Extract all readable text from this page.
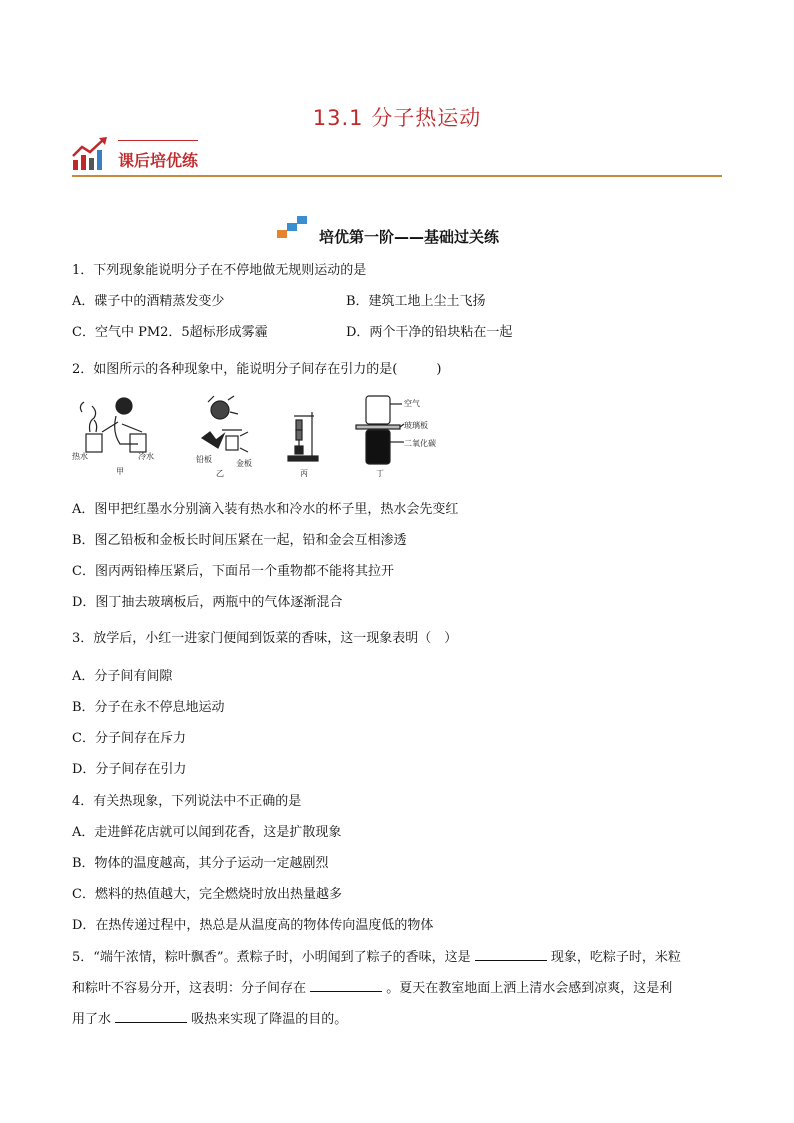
13.1 分子热运动
课后培优练
培优第一阶——基础过关练
1．下列现象能说明分子在不停地做无规则运动的是
A．碟子中的酒精蒸发变少	B．建筑工地上尘土飞扬
C．空气中 PM2．5超标形成雾霾	D．两个干净的铅块粘在一起
2．如图所示的各种现象中，能说明分子间存在引力的是(　　　)
热水	冷水
甲
铅板	金板
乙	丙
空气
玻璃板
二氧化碳
丁
A．图甲把红墨水分别滴入装有热水和冷水的杯子里，热水会先变红
B．图乙铅板和金板长时间压紧在一起，铅和金会互相渗透
C．图丙两铅棒压紧后，下面吊一个重物都不能将其拉开
D．图丁抽去玻璃板后，两瓶中的气体逐渐混合
3．放学后，小红一进家门便闻到饭菜的香味，这一现象表明（　）
A．分子间有间隙
B．分子在永不停息地运动
C．分子间存在斥力
D．分子间存在引力
4．有关热现象，下列说法中不正确的是
A．走进鲜花店就可以闻到花香，这是扩散现象
B．物体的温度越高，其分子运动一定越剧烈
C．燃料的热值越大，完全燃烧时放出热量越多
D．在热传递过程中，热总是从温度高的物体传向温度低的物体
5．“端午浓情，粽叶飘香”。煮粽子时，小明闻到了粽子的香味，这是	现象，吃粽子时，米粒
和粽叶不容易分开，这表明：分子间存在	。夏天在教室地面上洒上清水会感到凉爽，这是利
用了水	吸热来实现了降温的目的。
